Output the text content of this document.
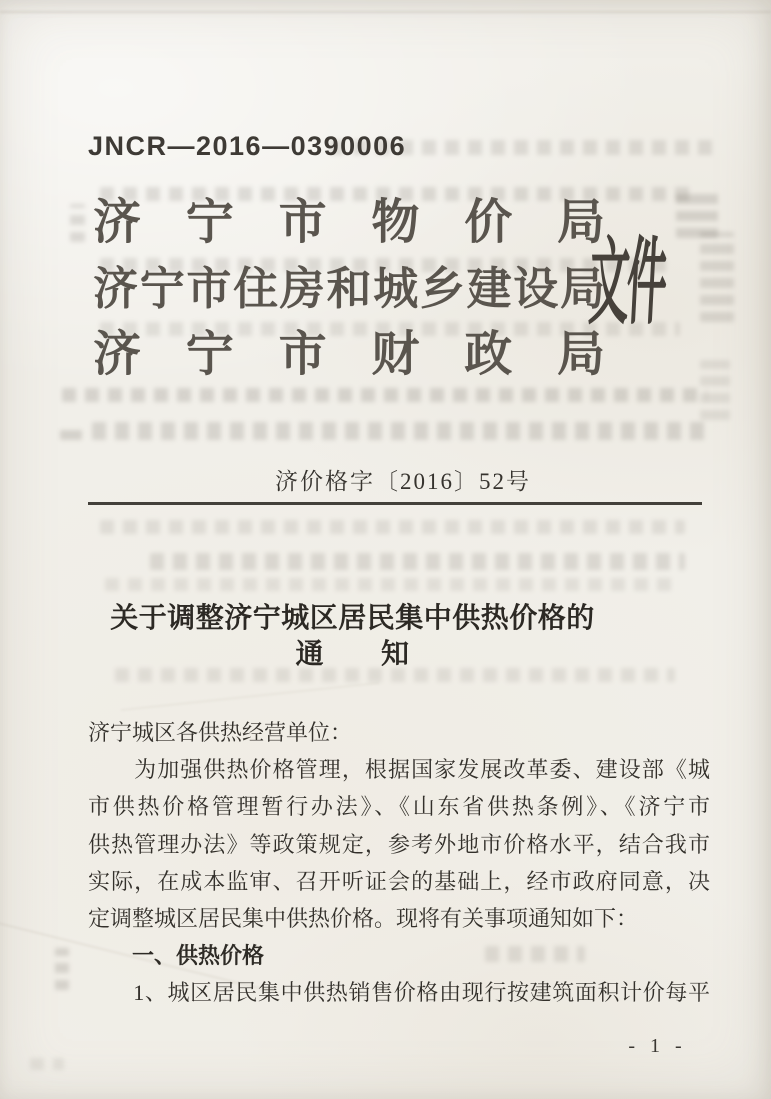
JNCR—2016—0390006
济宁市物价局
济宁市住房和城乡建设局
济宁市财政局
文件
济价格字〔2016〕52号
关于调整济宁城区居民集中供热价格的
通　　知
济宁城区各供热经营单位：
　　为加强供热价格管理，根据国家发展改革委、建设部《城
市供热价格管理暂行办法》、《山东省供热条例》、《济宁市
供热管理办法》等政策规定，参考外地市价格水平，结合我市
实际，在成本监审、召开听证会的基础上，经市政府同意，决
定调整城区居民集中供热价格。现将有关事项通知如下：
　　一、供热价格
　　1、城区居民集中供热销售价格由现行按建筑面积计价每平
- 1 -
